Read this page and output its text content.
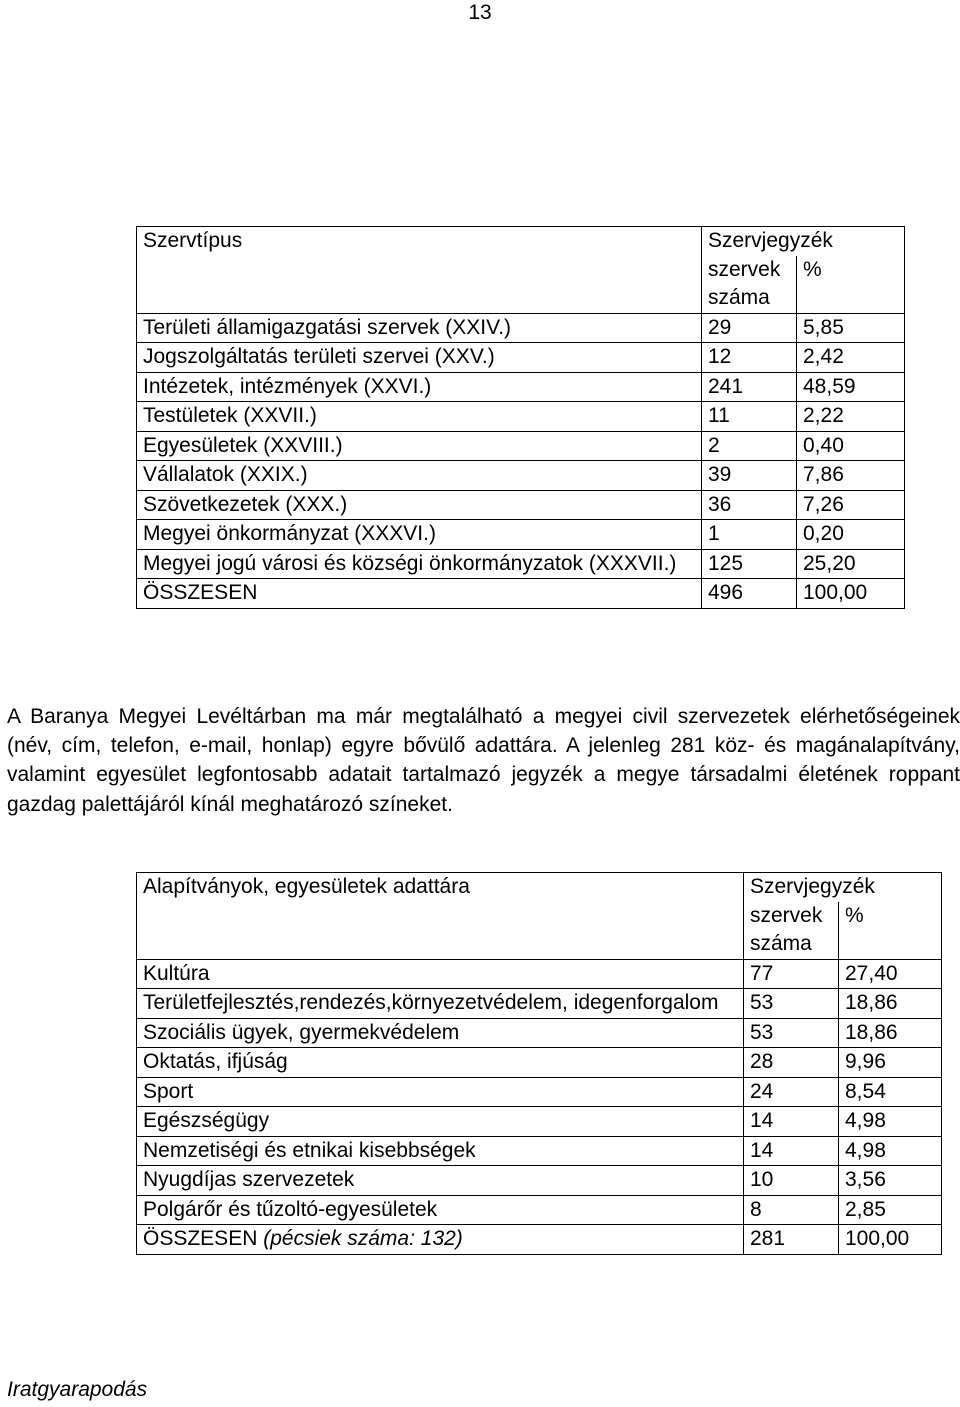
13
Szervtípus	Szervjegyzék	
	szervek száma	%
Területi államigazgatási szervek (XXIV.)	29	5,85
Jogszolgáltatás területi szervei (XXV.)	12	2,42
Intézetek, intézmények (XXVI.)	241	48,59
Testületek (XXVII.)	11	2,22
Egyesületek (XXVIII.)	2	0,40
Vállalatok (XXIX.)	39	7,86
Szövetkezetek (XXX.)	36	7,26
Megyei önkormányzat (XXXVI.)	1	0,20
Megyei jogú városi és községi önkormányzatok (XXXVII.)	125	25,20
ÖSSZESEN	496	100,00
A Baranya Megyei Levéltárban ma már megtalálható a megyei civil szervezetek elérhetőségeinek (név, cím, telefon, e-mail, honlap) egyre bővülő adattára. A jelenleg 281 köz- és magánalapítvány, valamint egyesület legfontosabb adatait tartalmazó jegyzék a megye társadalmi életének roppant gazdag palettájáról kínál meghatározó színeket.
Alapítványok, egyesületek adattára	Szervjegyzék	
	szervek száma	%
Kultúra	77	27,40
Területfejlesztés,rendezés,környezetvédelem, idegenforgalom	53	18,86
Szociális ügyek, gyermekvédelem	53	18,86
Oktatás, ifjúság	28	9,96
Sport	24	8,54
Egészségügy	14	4,98
Nemzetiségi és etnikai kisebbségek	14	4,98
Nyugdíjas szervezetek	10	3,56
Polgárőr és tűzoltó-egyesületek	8	2,85
ÖSSZESEN (pécsiek száma: 132)	281	100,00
Iratgyarapodás
